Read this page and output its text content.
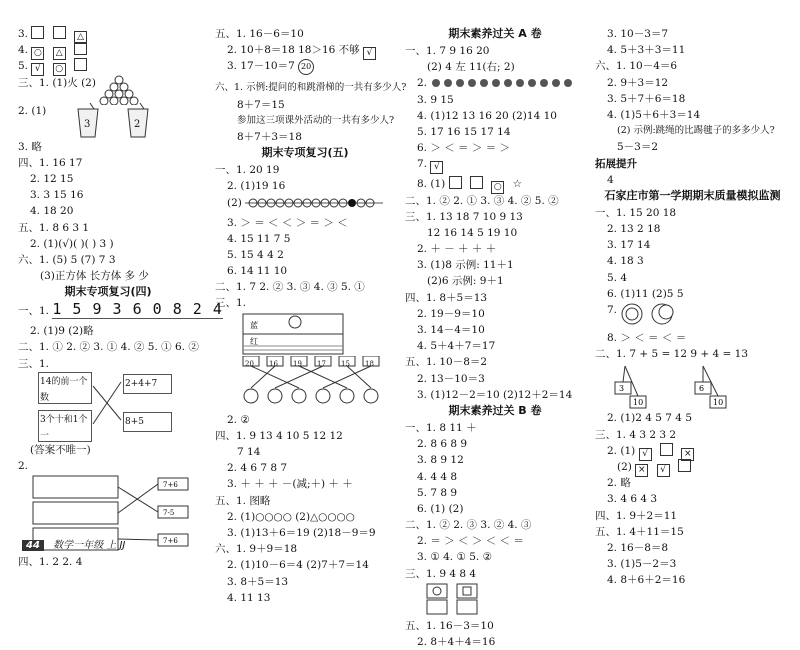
3.	△
4. ○ △
5. √ ○
三、1. (1)火 (2)
2. (1)
3	2
3. 略
四、1. 16 17
2. 12 15
3. 3 15 16
4. 18 20
五、1. 8 6 3 1
2. (1)(√)( )( ) 3 )
六、1. (5) 5 (7) 7 3
(3)正方体 长方体 多 少
期末专项复习(四)
一、1. 1 5 9 3 6 0 8 2 4
2. (1)9 (2)略
二、1. ① 2. ② 3. ① 4. ② 5. ① 6. ②
三、1.
14的前一个数
2+4+7
3个十和1个一
8+5
(答案不唯一)
2.
7+6
7-5
7+6
四、1. 2 2. 4
五、1. 16－6＝10
2. 10＋8＝18 18＞16 不够 √
3. 17－10＝7 20
六、1. 示例:提问的和跳滑梯的一共有多少人?
8＋7＝15
参加这三项课外活动的一共有多少人?
8＋7＋3＝18
期末专项复习(五)
一、1. 20 19
2. (1)19 16
(2)
3. ＞ ＝ ＜ ＜ ＞ ＝ ＞ ＜
4. 15 11 7 5
5. 15 4 4 2
6. 14 11 10
二、1. 7 2. ② 3. ③ 4. ③ 5. ①
三、1.
蓝
红
20 16 19 17 15 18
2. ②
四、1. 9 13 4 10 5 12 12
7 14
2. 4 6 7 8 7
3. ＋ ＋ ＋ －(减;＋) ＋ ＋
五、1. 图略
2. (1)○○○○ (2)△○○○○
3. (1)13＋6＝19 (2)18－9＝9
六、1. 9＋9＝18
2. (1)10－6＝4 (2)7＋7＝14
3. 8＋5＝13
4. 11 13
期末素养过关 A 卷
一、1. 7 9 16 20
(2) 4 左 11(右; 2)
2.
3. 9 15
4. (1)12 13 16 20 (2)14 10
5. 17 16 15 17 14
6. ＞ ＜ ＝ ＞ ＝ ＞
7. √
8. (1)	○ ☆
二、1. ② 2. ① 3. ③ 4. ② 5. ②
三、1. 13 18 7 10 9 13
12 16 14 5 19 10
2. ＋ － ＋ ＋ ＋
3. (1)8 示例: 11＋1
(2)6 示例: 9＋1
四、1. 8＋5＝13
2. 19－9＝10
3. 14－4＝10
4. 5＋4＋7＝17
五、1. 10－8＝2
2. 13－10＝3
3. (1)12－2＝10 (2)12＋2＝14
期末素养过关 B 卷
一、1. 8 11 ＋
2. 8 6 8 9
3. 8 9 12
4. 4 4 8
5. 7 8 9
6. (1) (2)
二、1. ② 2. ③ 3. ② 4. ③
2. ＝ ＞ ＜ ＞ ＜ ＜ ＝
3. ① 4. ① 5. ②
三、1. 9 4 8 4
五、1. 16－3＝10
2. 8＋4＋4＝16
3. 10－3＝7
4. 5＋3＋3＝11
六、1. 10－4＝6
2. 9＋3＝12
3. 5＋7＋6＝18
4. (1)5＋6＋3＝14
(2) 示例:跳绳的比踢毽子的多多少人?
5－3＝2
拓展提升
4
石家庄市第一学期期末质量模拟监测
一、1. 15 20 18
2. 13 2 18
3. 17 14
4. 18 3
5. 4
6. (1)11 (2)5 5
7.
8. ＞ ＜ ＝ ＜ ＝
二、1. 7 + 5 = 12 9 + 4 = 13
3
10
6
10
2. (1)2 4 5 7 4 5
三、1. 4 3 2 3 2
2. (1) √	×
(2) × √
2. 略
3. 4 6 4 3
四、1. 9＋2＝11
五、1. 4＋11＝15
2. 16－8＝8
3. (1)5－2＝3
4. 8＋6＋2＝16
44 数学一年级 上 JJ
